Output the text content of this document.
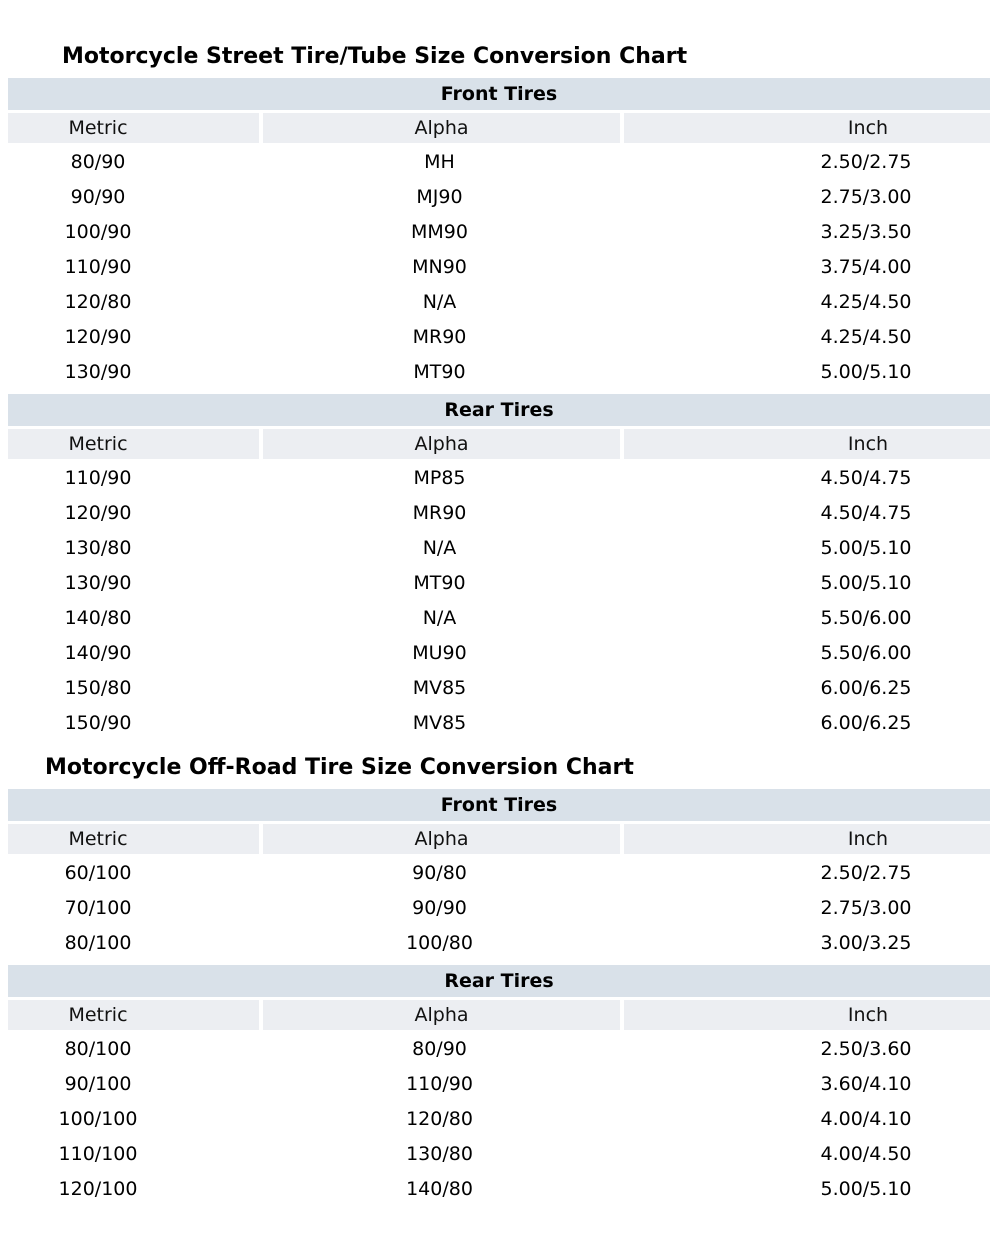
Motorcycle Street Tire/Tube Size Conversion Chart
Front Tires
Metric	Alpha	Inch
80/90	MH	2.50/2.75
90/90	MJ90	2.75/3.00
100/90	MM90	3.25/3.50
110/90	MN90	3.75/4.00
120/80	N/A	4.25/4.50
120/90	MR90	4.25/4.50
130/90	MT90	5.00/5.10
Rear Tires
Metric	Alpha	Inch
110/90	MP85	4.50/4.75
120/90	MR90	4.50/4.75
130/80	N/A	5.00/5.10
130/90	MT90	5.00/5.10
140/80	N/A	5.50/6.00
140/90	MU90	5.50/6.00
150/80	MV85	6.00/6.25
150/90	MV85	6.00/6.25
Motorcycle Off-Road Tire Size Conversion Chart
Front Tires
Metric	Alpha	Inch
60/100	90/80	2.50/2.75
70/100	90/90	2.75/3.00
80/100	100/80	3.00/3.25
Rear Tires
Metric	Alpha	Inch
80/100	80/90	2.50/3.60
90/100	110/90	3.60/4.10
100/100	120/80	4.00/4.10
110/100	130/80	4.00/4.50
120/100	140/80	5.00/5.10
